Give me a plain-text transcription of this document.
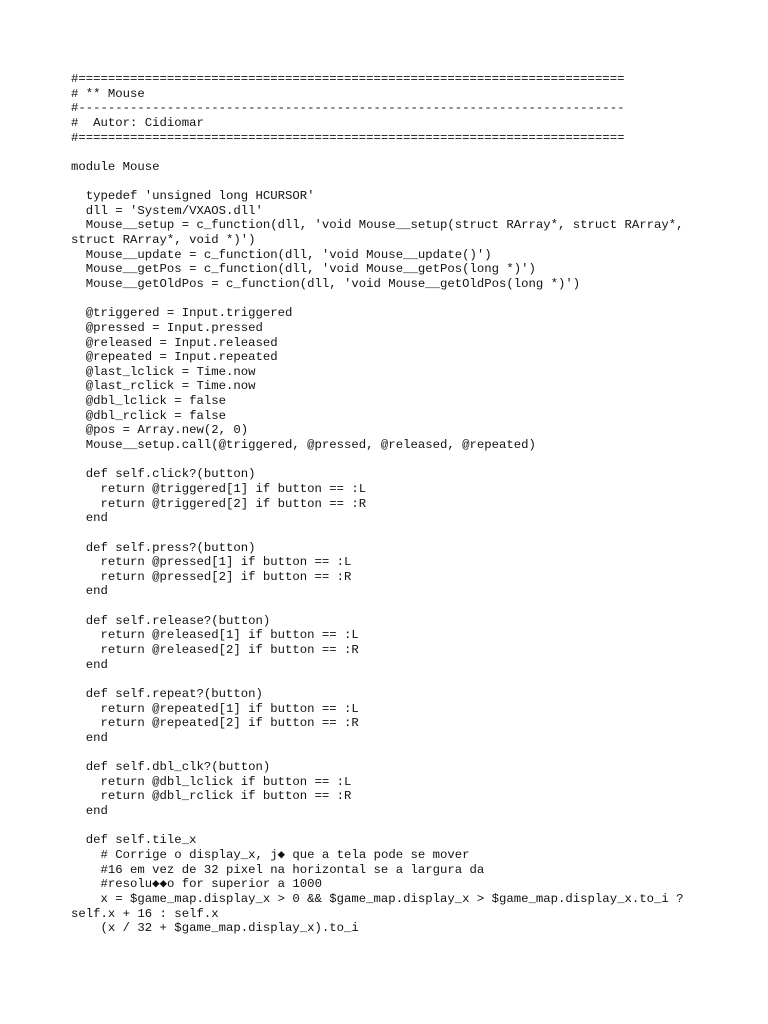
#==========================================================================
# ** Mouse
#--------------------------------------------------------------------------
#  Autor: Cidiomar
#==========================================================================
module Mouse
typedef 'unsigned long HCURSOR'
dll = 'System/VXAOS.dll'
Mouse__setup = c_function(dll, 'void Mouse__setup(struct RArray*, struct RArray*,
struct RArray*, void *)')
Mouse__update = c_function(dll, 'void Mouse__update()')
Mouse__getPos = c_function(dll, 'void Mouse__getPos(long *)')
Mouse__getOldPos = c_function(dll, 'void Mouse__getOldPos(long *)')
@triggered = Input.triggered
@pressed = Input.pressed
@released = Input.released
@repeated = Input.repeated
@last_lclick = Time.now
@last_rclick = Time.now
@dbl_lclick = false
@dbl_rclick = false
@pos = Array.new(2, 0)
Mouse__setup.call(@triggered, @pressed, @released, @repeated)
def self.click?(button)
return @triggered[1] if button == :L
return @triggered[2] if button == :R
end
def self.press?(button)
return @pressed[1] if button == :L
return @pressed[2] if button == :R
end
def self.release?(button)
return @released[1] if button == :L
return @released[2] if button == :R
end
def self.repeat?(button)
return @repeated[1] if button == :L
return @repeated[2] if button == :R
end
def self.dbl_clk?(button)
return @dbl_lclick if button == :L
return @dbl_rclick if button == :R
end
def self.tile_x
# Corrige o display_x, j◆ que a tela pode se mover
#16 em vez de 32 pixel na horizontal se a largura da
#resolu◆◆o for superior a 1000
x = $game_map.display_x > 0 && $game_map.display_x > $game_map.display_x.to_i ?
self.x + 16 : self.x
(x / 32 + $game_map.display_x).to_i
